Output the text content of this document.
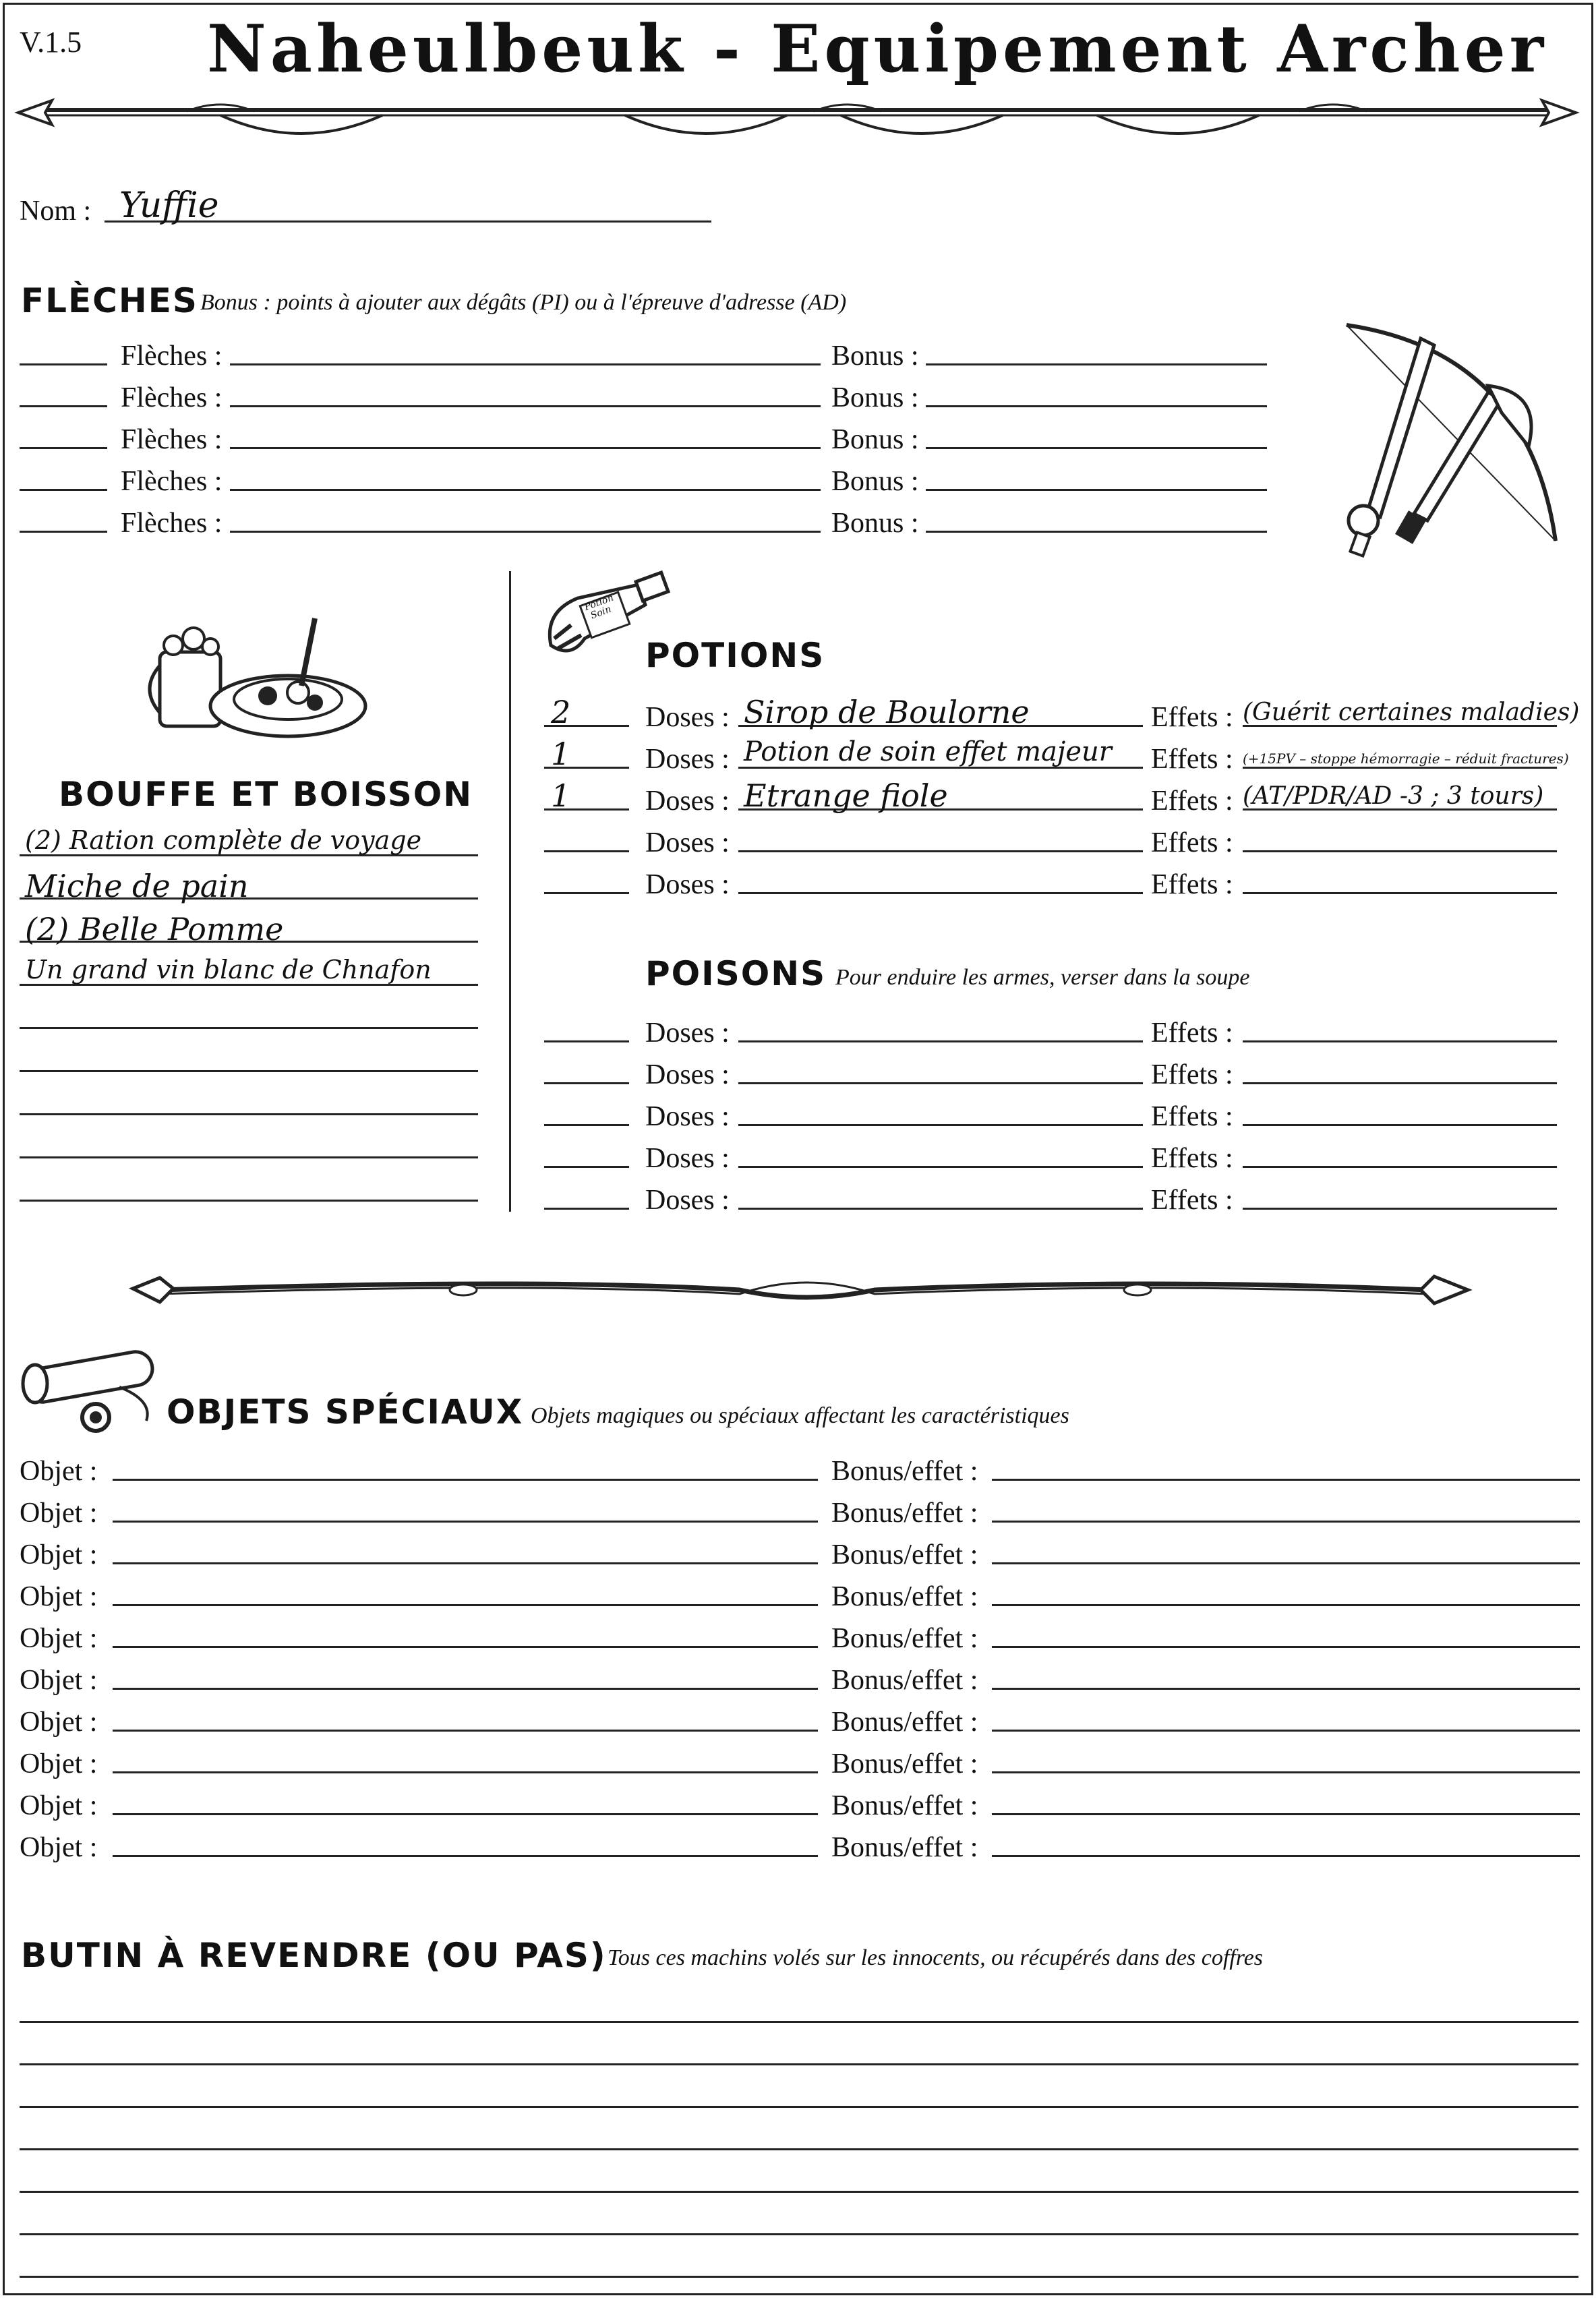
V.1.5 Naheulbeuk - Equipement Archer
Nom : Yuffie
FLÈCHES Bonus : points à ajouter aux dégâts (PI) ou à l'épreuve d'adresse (AD)
Flèches :	Bonus :
Flèches :	Bonus :
Flèches :	Bonus :
Flèches :	Bonus :
Flèches :	Bonus :
BOUFFE ET BOISSON
(2) Ration complète de voyage
Miche de pain
(2) Belle Pomme
Un grand vin blanc de Chnafon
Potion Soin
POTIONS
2	Doses : Sirop de Boulorne	Effets : (Guérit certaines maladies)
1	Doses : Potion de soin effet majeur Effets : (+15PV – stoppe hémorragie – réduit fractures)
1	Doses : Etrange fiole	Effets : (AT/PDR/AD -3 ; 3 tours)
Doses :	Effets :
Doses :	Effets :
POISONS Pour enduire les armes, verser dans la soupe
Doses :	Effets :
Doses :	Effets :
Doses :	Effets :
Doses :	Effets :
Doses :	Effets :
OBJETS SPÉCIAUX Objets magiques ou spéciaux affectant les caractéristiques
Objet :	Bonus/effet :
Objet :	Bonus/effet :
Objet :	Bonus/effet :
Objet :	Bonus/effet :
Objet :	Bonus/effet :
Objet :	Bonus/effet :
Objet :	Bonus/effet :
Objet :	Bonus/effet :
Objet :	Bonus/effet :
Objet :	Bonus/effet :
BUTIN À REVENDRE (OU PAS) Tous ces machins volés sur les innocents, ou récupérés dans des coffres
